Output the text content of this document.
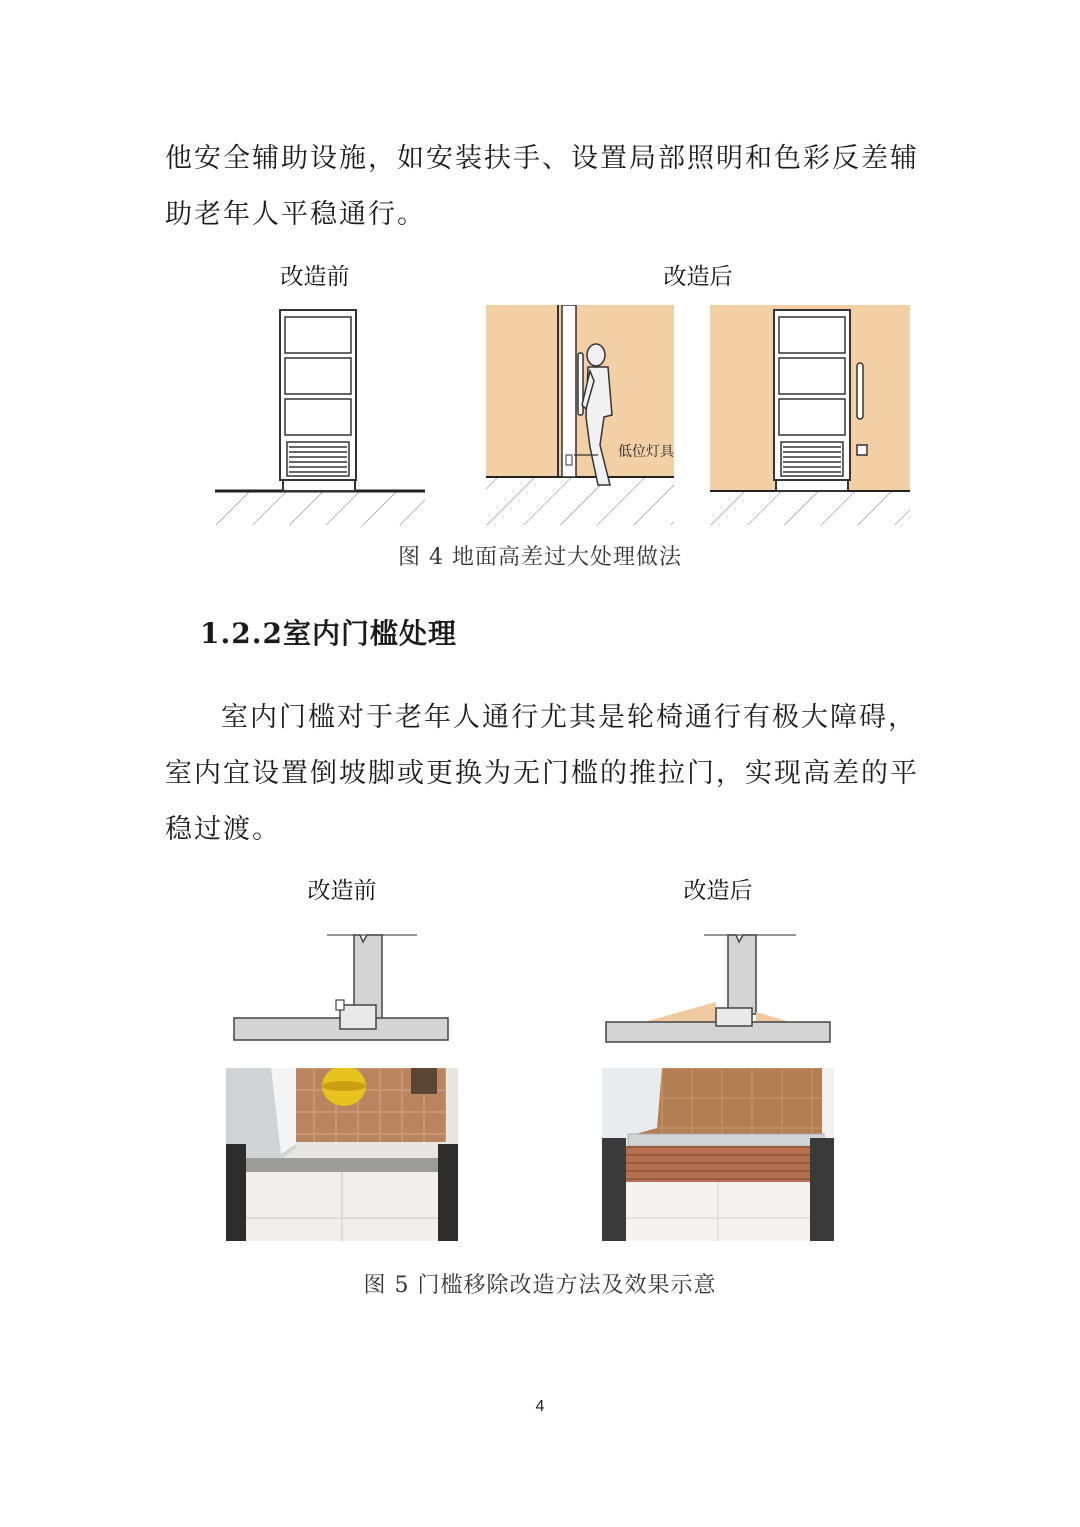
他安全辅助设施，如安装扶手、设置局部照明和色彩反差辅

助老年人平稳通行。

改造前	改造后
低位灯具
图 4 地面高差过大处理做法
1.2.2室内门槛处理

室内门槛对于老年人通行尤其是轮椅通行有极大障碍，室内宜设置倒坡脚或更换为无门槛的推拉门，实现高差的平稳过渡。

改造前	改造后
图 5 门槛移除改造方法及效果示意
4
